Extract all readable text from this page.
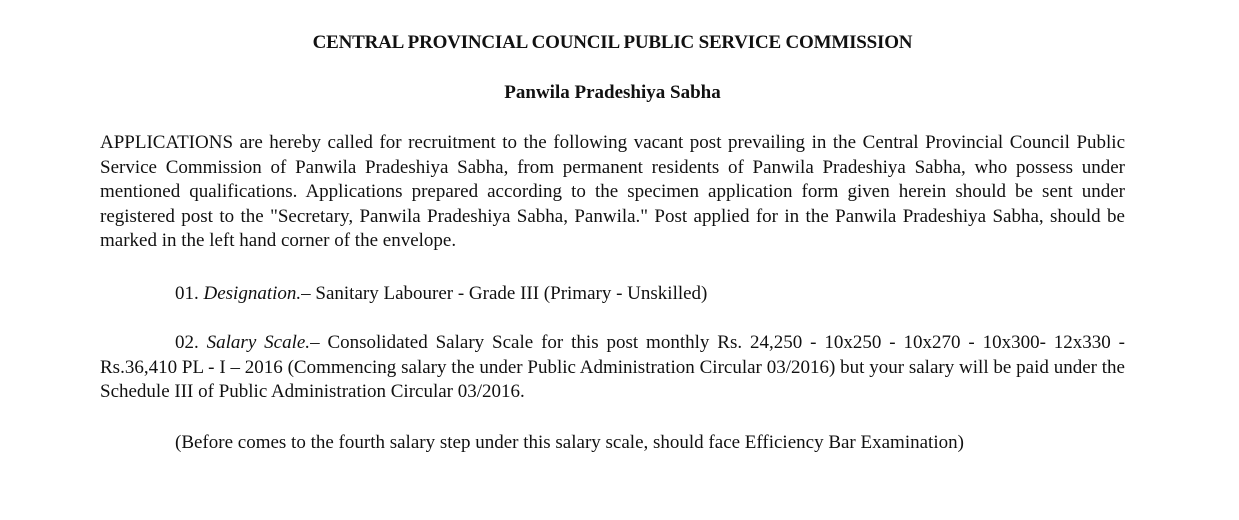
CENTRAL PROVINCIAL COUNCIL PUBLIC SERVICE COMMISSION
Panwila Pradeshiya Sabha

APPLICATIONS are hereby called for recruitment to the following vacant post prevailing in the Central Provincial Council Public Service Commission of Panwila Pradeshiya Sabha, from permanent residents of Panwila Pradeshiya Sabha, who possess under mentioned qualifications. Applications prepared according to the specimen application form given herein should be sent under registered post to the "Secretary, Panwila Pradeshiya Sabha, Panwila." Post applied for in the Panwila Pradeshiya Sabha, should be marked in the left hand corner of the envelope.

01. Designation.– Sanitary Labourer - Grade III (Primary - Unskilled)

02. Salary Scale.– Consolidated Salary Scale for this post monthly Rs. 24,250 - 10x250 - 10x270 - 10x300- 12x330 - Rs.36,410 PL - I – 2016 (Commencing salary the under Public Administration Circular 03/2016) but your salary will be paid under the Schedule III of Public Administration Circular 03/2016.

(Before comes to the fourth salary step under this salary scale, should face Efficiency Bar Examination)
